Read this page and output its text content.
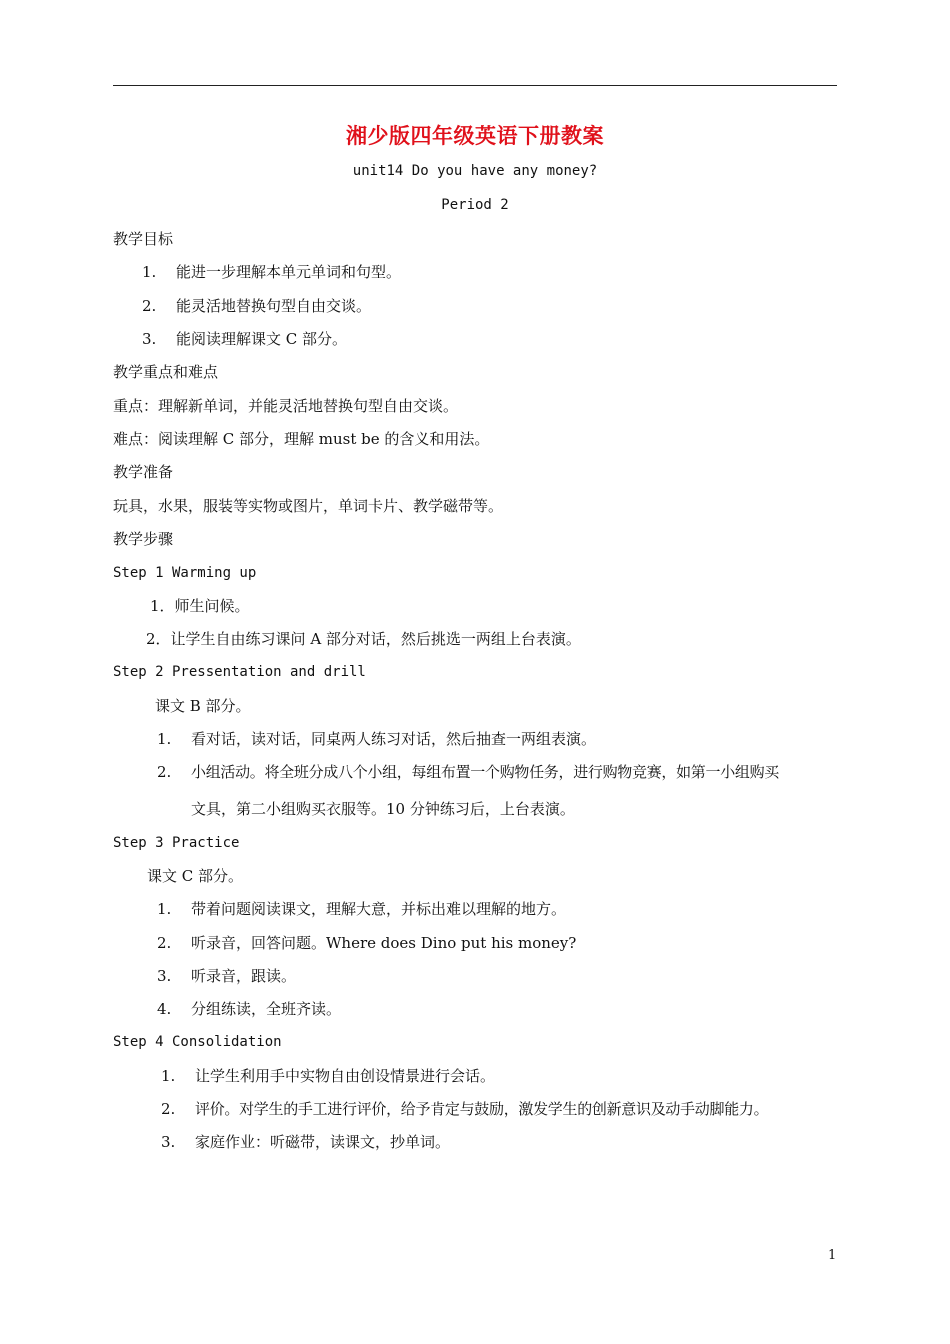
湘少版四年级英语下册教案
unit14 Do you have any money?
Period 2
教学目标
1. 能进一步理解本单元单词和句型。
2. 能灵活地替换句型自由交谈。
3. 能阅读理解课文 C 部分。
教学重点和难点
重点：理解新单词，并能灵活地替换句型自由交谈。
难点：阅读理解 C 部分，理解 must be 的含义和用法。
教学准备
玩具，水果，服装等实物或图片，单词卡片、教学磁带等。
教学步骤
Step 1 Warming up
1．师生问候。
2．让学生自由练习课问 A 部分对话，然后挑选一两组上台表演。
Step 2 Pressentation and drill
课文 B 部分。
1. 看对话，读对话，同桌两人练习对话，然后抽查一两组表演。
2. 小组活动。将全班分成八个小组，每组布置一个购物任务，进行购物竞赛，如第一小组购买
文具，第二小组购买衣服等。10 分钟练习后，上台表演。
Step 3 Practice
课文 C 部分。
1. 带着问题阅读课文，理解大意，并标出难以理解的地方。
2. 听录音，回答问题。Where does Dino put his money?
3. 听录音，跟读。
4. 分组练读，全班齐读。
Step 4 Consolidation
1. 让学生利用手中实物自由创设情景进行会话。
2. 评价。对学生的手工进行评价，给予肯定与鼓励，激发学生的创新意识及动手动脚能力。
3. 家庭作业：听磁带，读课文，抄单词。
1
